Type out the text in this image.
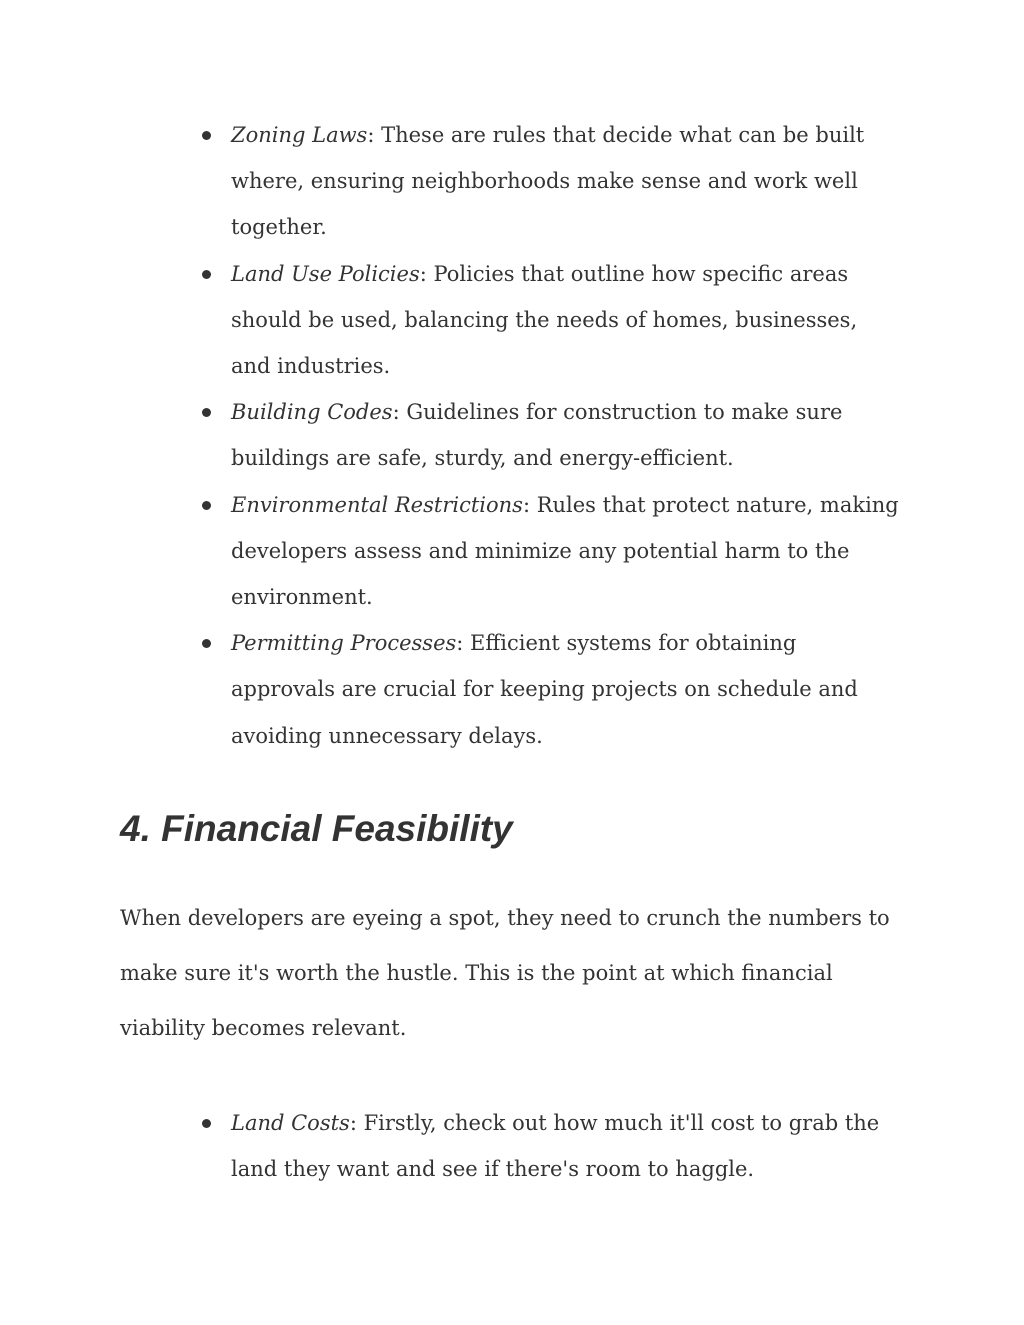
Zoning Laws: These are rules that decide what can be built where, ensuring neighborhoods make sense and work well together.
Land Use Policies: Policies that outline how specific areas should be used, balancing the needs of homes, businesses, and industries.
Building Codes: Guidelines for construction to make sure buildings are safe, sturdy, and energy-efficient.
Environmental Restrictions: Rules that protect nature, making developers assess and minimize any potential harm to the environment.
Permitting Processes: Efficient systems for obtaining approvals are crucial for keeping projects on schedule and avoiding unnecessary delays.
4. Financial Feasibility

When developers are eyeing a spot, they need to crunch the numbers to make sure it's worth the hustle. This is the point at which financial viability becomes relevant.

Land Costs: Firstly, check out how much it'll cost to grab the land they want and see if there's room to haggle.
